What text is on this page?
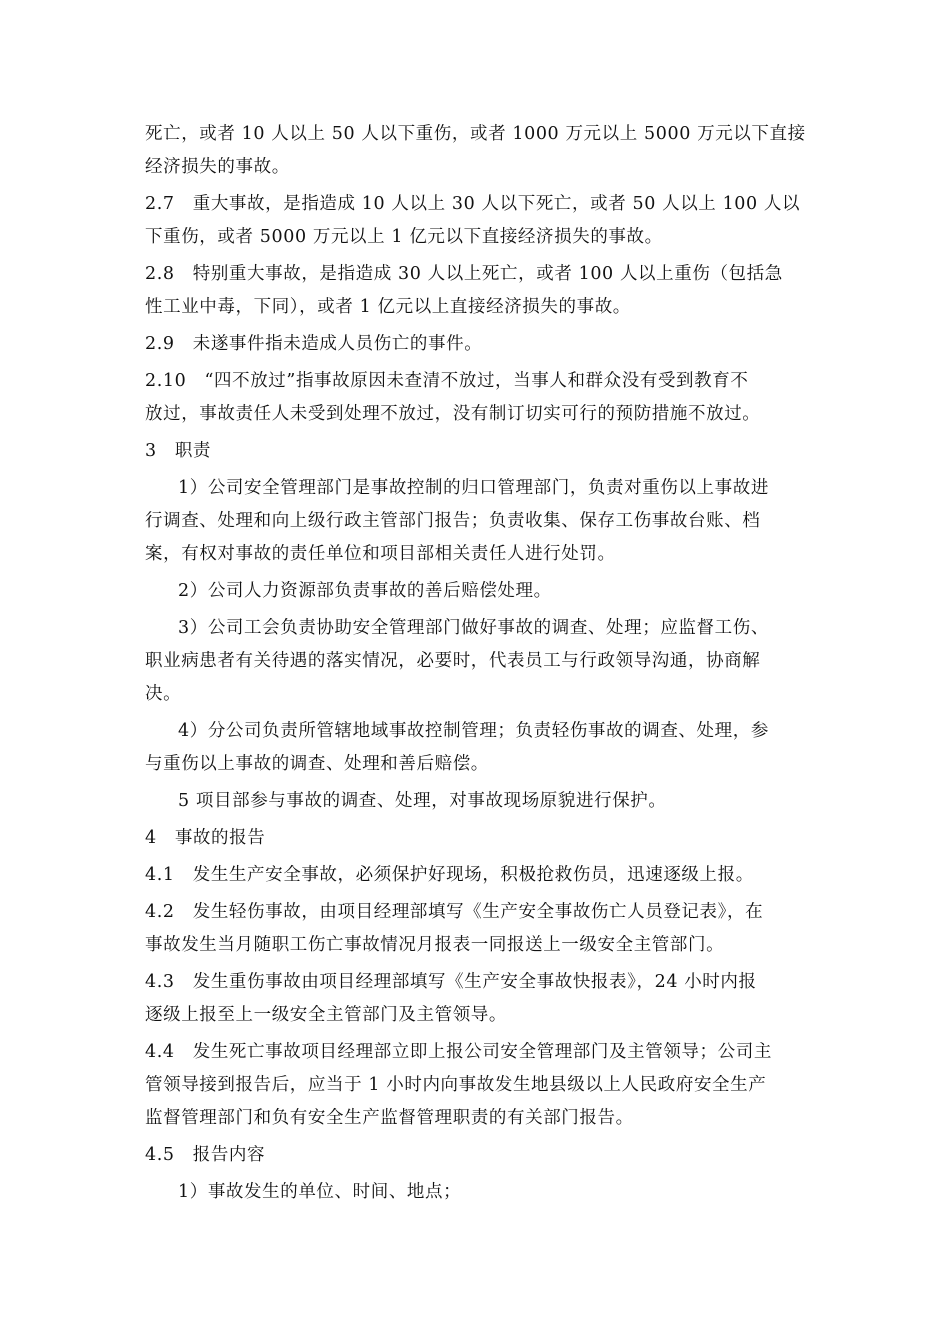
死亡，或者 10 人以上 50 人以下重伤，或者 1000 万元以上 5000 万元以下直接
经济损失的事故。
2.7　重大事故，是指造成 10 人以上 30 人以下死亡，或者 50 人以上 100 人以
下重伤，或者 5000 万元以上 1 亿元以下直接经济损失的事故。
2.8　特别重大事故，是指造成 30 人以上死亡，或者 100 人以上重伤（包括急
性工业中毒，下同），或者 1 亿元以上直接经济损失的事故。
2.9　未遂事件指未造成人员伤亡的事件。
2.10　“四不放过”指事故原因未查清不放过，当事人和群众没有受到教育不
放过，事故责任人未受到处理不放过，没有制订切实可行的预防措施不放过。
3　职责
1）公司安全管理部门是事故控制的归口管理部门，负责对重伤以上事故进
行调查、处理和向上级行政主管部门报告；负责收集、保存工伤事故台账、档
案，有权对事故的责任单位和项目部相关责任人进行处罚。
2）公司人力资源部负责事故的善后赔偿处理。
3）公司工会负责协助安全管理部门做好事故的调查、处理；应监督工伤、
职业病患者有关待遇的落实情况，必要时，代表员工与行政领导沟通，协商解
决。
4）分公司负责所管辖地域事故控制管理；负责轻伤事故的调查、处理，参
与重伤以上事故的调查、处理和善后赔偿。
5 项目部参与事故的调查、处理，对事故现场原貌进行保护。
4　事故的报告
4.1　发生生产安全事故，必须保护好现场，积极抢救伤员，迅速逐级上报。
4.2　发生轻伤事故，由项目经理部填写《生产安全事故伤亡人员登记表》，在
事故发生当月随职工伤亡事故情况月报表一同报送上一级安全主管部门。
4.3　发生重伤事故由项目经理部填写《生产安全事故快报表》，24 小时内报
逐级上报至上一级安全主管部门及主管领导。
4.4　发生死亡事故项目经理部立即上报公司安全管理部门及主管领导；公司主
管领导接到报告后，应当于 1 小时内向事故发生地县级以上人民政府安全生产
监督管理部门和负有安全生产监督管理职责的有关部门报告。
4.5　报告内容
1）事故发生的单位、时间、地点；
